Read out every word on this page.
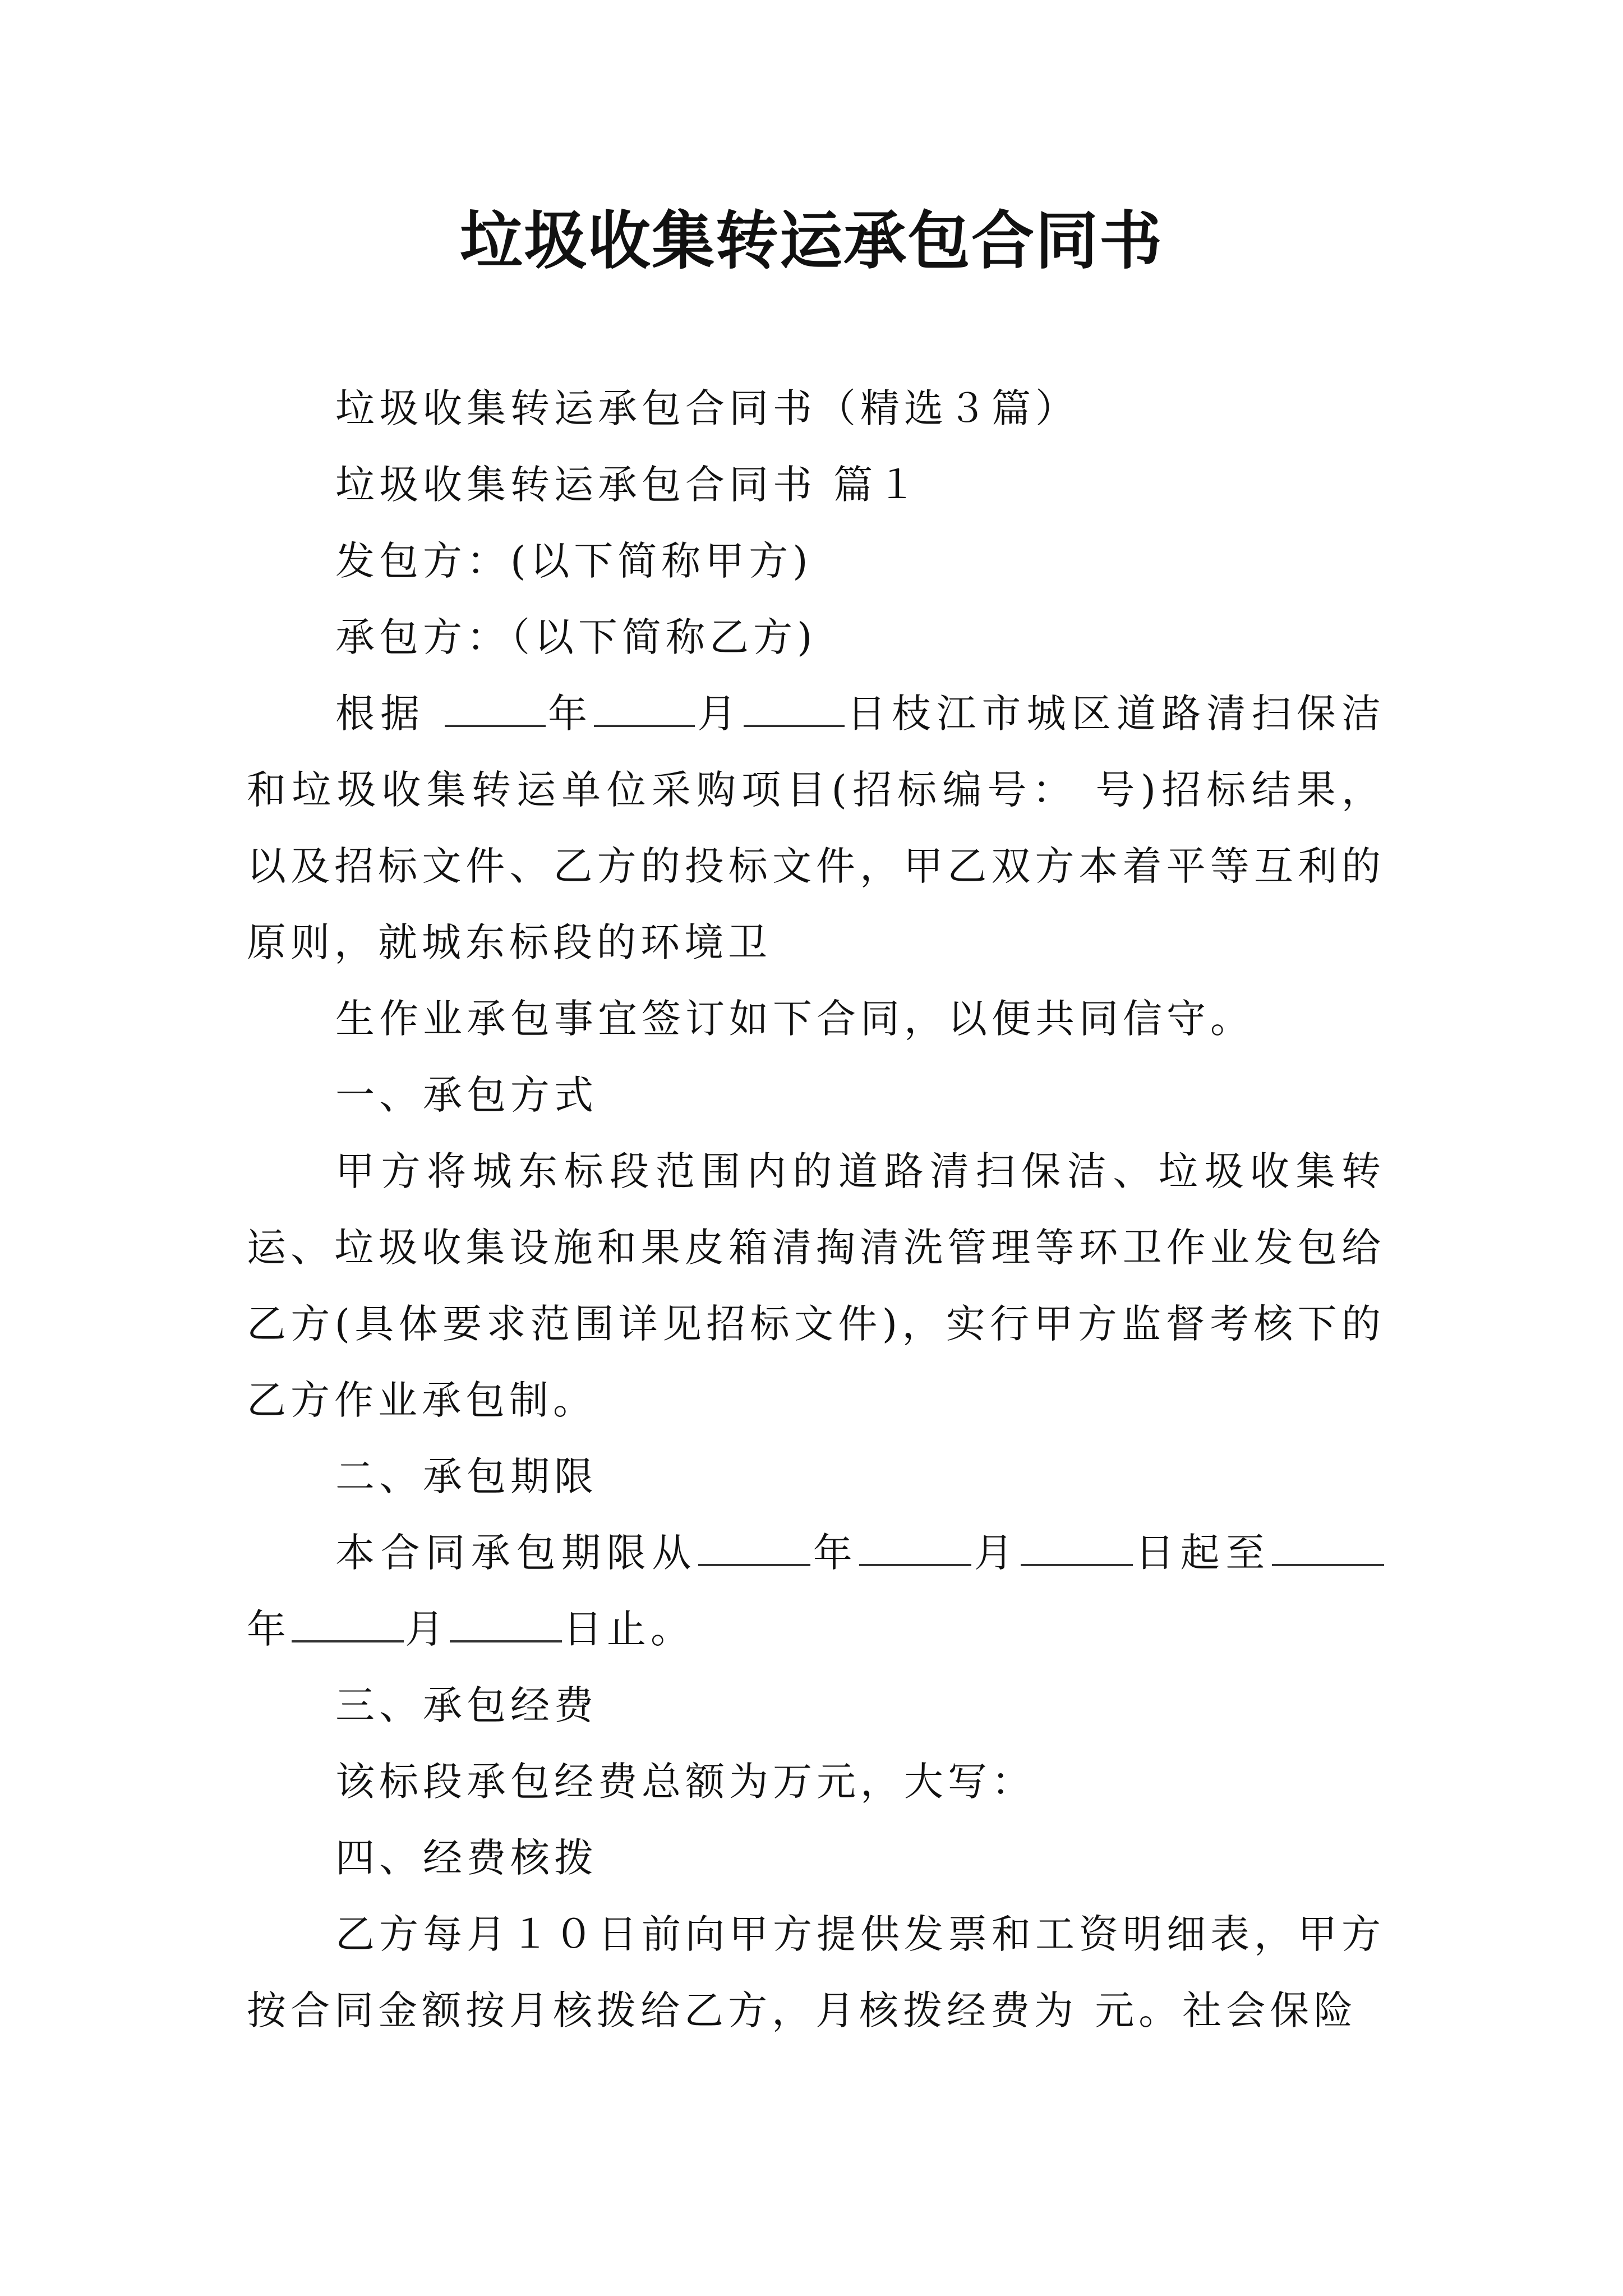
垃圾收集转运承包合同书

垃圾收集转运承包合同书（精选３篇）

垃圾收集转运承包合同书 篇１

发包方：(以下简称甲方)

承包方：（以下简称乙方)

根据	年	月	日枝江市城区道路清扫保洁和垃圾收集转运单位采购项目(招标编号： 号)招标结果，以及招标文件、乙方的投标文件，甲乙双方本着平等互利的原则，就城东标段的环境卫

生作业承包事宜签订如下合同，以便共同信守。

一、承包方式

甲方将城东标段范围内的道路清扫保洁、垃圾收集转运、垃圾收集设施和果皮箱清掏清洗管理等环卫作业发包给乙方(具体要求范围详见招标文件)，实行甲方监督考核下的乙方作业承包制。

二、承包期限

本合同承包期限从	年	月	日起至年	月	日止。

三、承包经费

该标段承包经费总额为万元，大写：

四、经费核拨

乙方每月１０日前向甲方提供发票和工资明细表，甲方按合同金额按月核拨给乙方，月核拨经费为 元。社会保险
